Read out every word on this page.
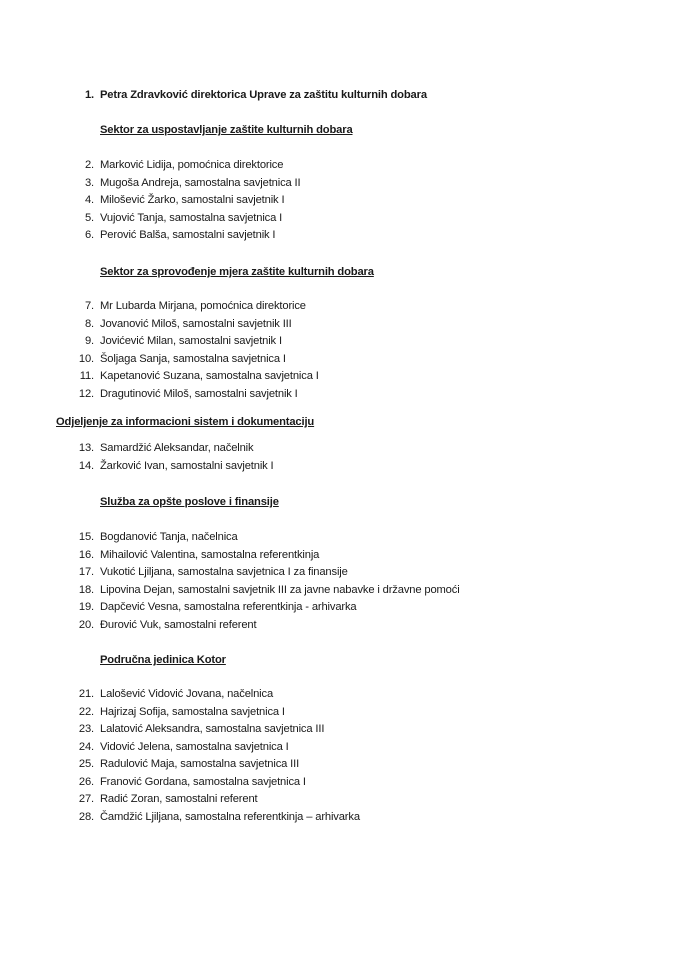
1. Petra Zdravković direktorica Uprave za zaštitu kulturnih dobara
Sektor za uspostavljanje zaštite kulturnih dobara
2. Marković Lidija, pomoćnica direktorice
3. Mugoša Andreja, samostalna savjetnica II
4. Milošević Žarko, samostalni savjetnik I
5. Vujović Tanja, samostalna savjetnica I
6. Perović Balša, samostalni savjetnik I
Sektor za sprovođenje mjera zaštite kulturnih dobara
7. Mr Lubarda Mirjana, pomoćnica direktorice
8. Jovanović Miloš, samostalni savjetnik III
9. Jovićević Milan, samostalni savjetnik I
10. Šoljaga Sanja, samostalna savjetnica I
11. Kapetanović Suzana, samostalna savjetnica I
12. Dragutinović Miloš, samostalni savjetnik I
Odjeljenje za informacioni sistem i dokumentaciju
13. Samardžić Aleksandar, načelnik
14. Žarković Ivan, samostalni savjetnik I
Služba za opšte poslove i finansije
15. Bogdanović Tanja, načelnica
16. Mihailović Valentina, samostalna referentkinja
17. Vukotić Ljiljana, samostalna savjetnica I za finansije
18. Lipovina Dejan, samostalni savjetnik III za javne nabavke i državne pomoći
19. Dapčević Vesna, samostalna referentkinja - arhivarka
20. Đurović Vuk, samostalni referent
Područna jedinica Kotor
21. Lalošević Vidović Jovana, načelnica
22. Hajrizaj Sofija, samostalna savjetnica I
23. Lalatović Aleksandra, samostalna savjetnica III
24. Vidović Jelena, samostalna savjetnica I
25. Radulović Maja, samostalna savjetnica III
26. Franović Gordana, samostalna savjetnica I
27. Radić Zoran, samostalni referent
28. Čamdžić Ljiljana, samostalna referentkinja – arhivarka
